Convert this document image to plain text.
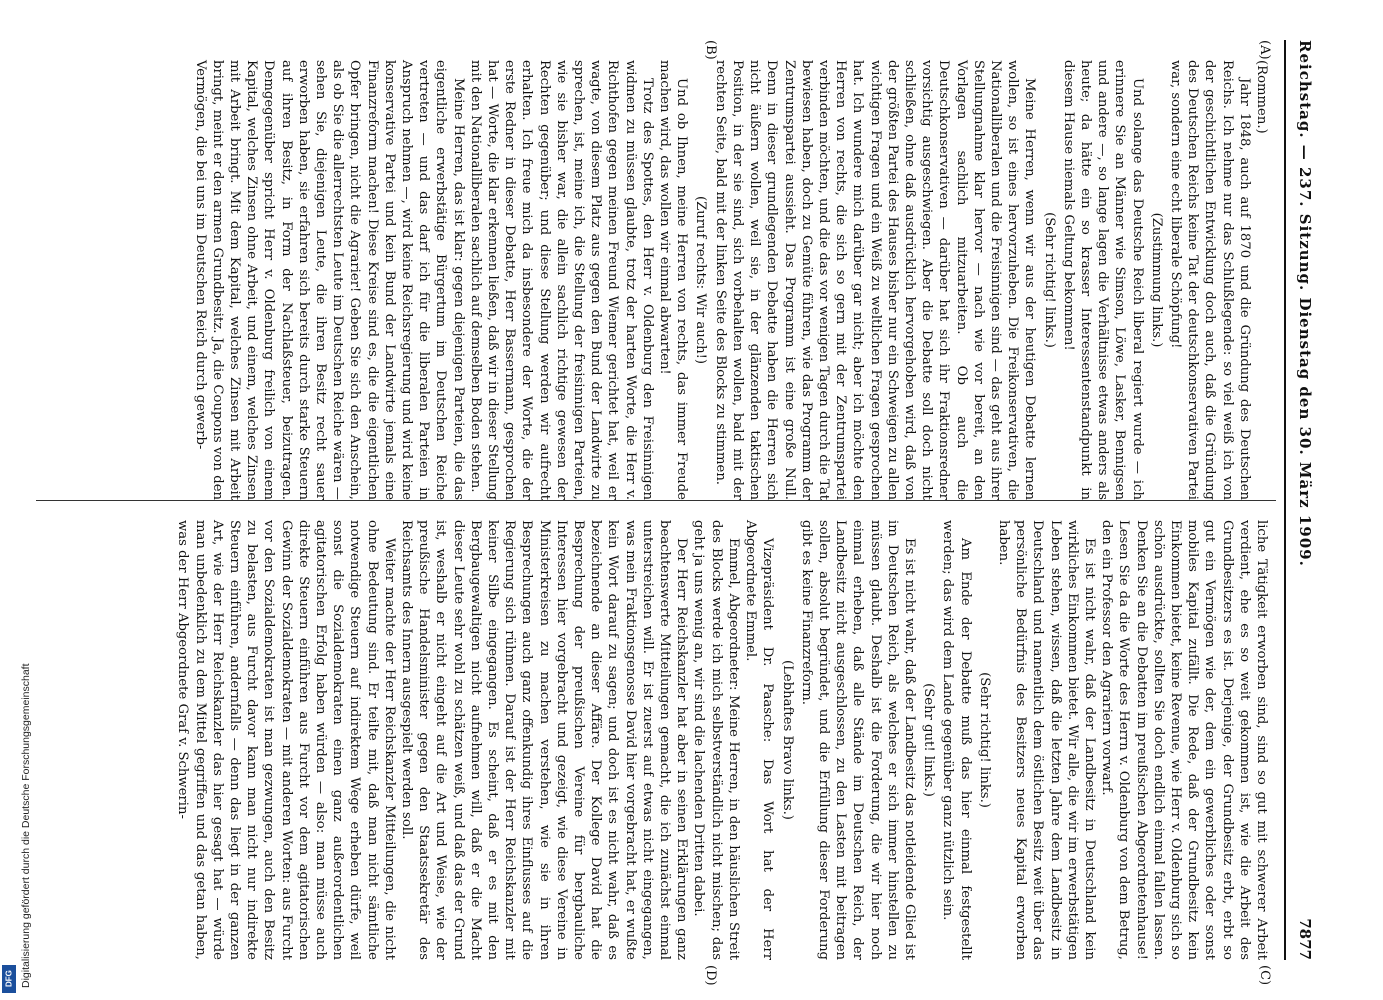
Reichstag. — 237. Sitzung. Dienstag den 30. März 1909.
7877
(A)
(B)
(C)
(D)

(Rommen.)

Jahr 1848, auch auf 1870 und die Gründung des Deutschen Reichs. Ich nehme nur das Schlußlegende: so viel weiß ich von der geschichtlichen Entwicklung doch auch, daß die Gründung des Deutschen Reichs keine Tat der deutschkonservativen Partei war, sondern eine echt liberale Schöpfung!

(Zustimmung links.)

Und solange das Deutsche Reich liberal regiert wurde — ich erinnere Sie an Männer wie Simson, Löwe, Lasker, Bennigsen und andere —, so lange lagen die Verhältnisse etwas anders als heute; da hätte ein so krasser Interessentenstandpunkt in diesem Hause niemals Geltung bekommen!

(Sehr richtig! links.)

Meine Herren, wenn wir aus der heutigen Debatte lernen wollen, so ist eines hervorzuheben. Die Freikonservativen, die Nationalliberalen und die Freisinnigen sind — das geht aus ihrer Stellungnahme klar hervor — nach wie vor bereit, an den Vorlagen sachlich mitzuarbeiten. Ob auch die Deutschkonservativen — darüber hat sich ihr Fraktionsredner vorsichtig ausgeschwiegen. Aber die Debatte soll doch nicht schließen, ohne daß ausdrücklich hervorgehoben wird, daß von der größten Partei des Hauses bisher nur ein Schweigen zu allen wichtigen Fragen und ein Weiß zu weltlichen Fragen gesprochen hat. Ich wundere mich darüber gar nicht; aber ich möchte den Herren von rechts, die sich so gern mit der Zentrumspartei verbinden möchten, und die das vor wenigen Tagen durch die Tat bewiesen haben, doch zu Gemüte führen, wie das Programm der Zentrumspartei aussieht. Das Programm ist eine große Null. Denn in dieser grundlegenden Debatte haben die Herren sich nicht äußern wollen, weil sie, in der glänzenden taktischen Position, in der sie sind, sich vorbehalten wollen, bald mit der rechten Seite, bald mit der linken Seite des Blocks zu stimmen.

(Zuruf rechts: Wir auch!)

Und ob Ihnen, meine Herren von rechts, das immer Freude machen wird, das wollen wir einmal abwarten!

Trotz des Spottes, den Herr v. Oldenburg den Freisinnigen widmen zu müssen glaubte, trotz der harten Worte, die Herr v. Richthofen gegen meinen Freund Wiemer gerichtet hat, weil er wagte, von diesem Platz aus gegen den Bund der Landwirte zu sprechen, ist, meine ich, die Stellung der freisinnigen Parteien, wie sie bisher war, die allein sachlich richtige gewesen der Rechten gegenüber; und diese Stellung werden wir aufrecht erhalten. Ich freue mich da insbesondere der Worte, die der erste Redner in dieser Debatte, Herr Bassermann, gesprochen hat — Worte, die klar erkennen ließen, daß wir in dieser Stellung mit den Nationalliberalen sachlich auf demselben Boden stehen.

Meine Herren, das ist klar: gegen diejenigen Parteien, die das eigentliche erwerbstätige Bürgertum im Deutschen Reiche vertreten — und das darf ich für die liberalen Parteien in Anspruch nehmen —, wird keine Reichsregierung und wird keine konservative Partei und kein Bund der Landwirte jemals eine Finanzreform machen! Diese Kreise sind es, die die eigentlichen Opfer bringen, nicht die Agrarier! Geben Sie sich den Anschein, als ob Sie die allerrechtsten Leute im Deutschen Reiche wären — sehen Sie, diejenigen Leute, die ihren Besitz recht sauer erworben haben, sie erfahren sich bereits durch starke Steuern auf ihren Besitz, in Form der Nachlaßsteuer, beizutragen. Demgegenüber spricht Herr v. Oldenburg freilich von einem Kapital, welches Zinsen ohne Arbeit, und einem, welches Zinsen mit Arbeit bringt. Mit dem Kapital, welches Zinsen mit Arbeit bringt, meint er den armen Grundbesitz. Ja, die Coupons von den Vermögen, die bei uns im Deutschen Reich durch gewerb-

liche Tätigkeit erworben sind, sind so gut mit schwerer Arbeit verdient, ehe es so weit gekommen ist, wie die Arbeit des Grundbesitzers es ist. Derjenige, der Grundbesitz erbt, erbt so gut ein Vermögen wie der, dem ein gewerbliches oder sonst mobiles Kapital zufällt. Die Rede, daß der Grundbesitz kein Einkommen bietet, keine Revenue, wie Herr v. Oldenburg sich so schön ausdrückte, sollten Sie doch endlich einmal fallen lassen. Denken Sie an die Debatten im preußischen Abgeordnetenhause! Lesen Sie da die Worte des Herrn v. Oldenburg von dem Betrug, den ein Professor den Agrariern vorwarf.

Es ist nicht wahr, daß der Landbesitz in Deutschland kein wirkliches Einkommen bietet. Wir alle, die wir im erwerbstätigen Leben stehen, wissen, daß die letzten Jahre dem Landbesitz in Deutschland und namentlich dem östlichen Besitz weit über das persönliche Bedürfnis des Besitzers neues Kapital erworben haben.

(Sehr richtig! links.)

Am Ende der Debatte muß das hier einmal festgestellt werden; das wird dem Lande gegenüber ganz nützlich sein.

(Sehr gut! links.)

Es ist nicht wahr, daß der Landbesitz das notleidende Glied ist im Deutschen Reich, als welches er sich immer hinstellen zu müssen glaubt. Deshalb ist die Forderung, die wir hier noch einmal erheben, daß alle Stände im Deutschen Reich, der Landbesitz nicht ausgeschlossen, zu den Lasten mit beitragen sollen, absolut begründet, und die Erfüllung dieser Forderung gibt es keine Finanzreform.

(Lebhaftes Bravo links.)

Vizepräsident Dr. Paasche: Das Wort hat der Herr Abgeordnete Emmel.

Emmel, Abgeordneter: Meine Herren, in den häuslichen Streit des Blocks werde ich mich selbstverständlich nicht mischen; das geht ja uns wenig an, wir sind die lachenden Dritten dabei.

Der Herr Reichskanzler hat aber in seinen Erklärungen ganz beachtenswerte Mitteilungen gemacht, die ich zunächst einmal unterstreichen will. Er ist zuerst auf etwas nicht eingegangen, was mein Fraktionsgenosse David hier vorgebracht hat, er wußte kein Wort darauf zu sagen; und doch ist es nicht wahr, daß es bezeichnende an dieser Affäre. Der Kollege David hat die Besprechung der preußischen Vereine für bergbauliche Interessen hier vorgebracht und gezeigt, wie diese Vereine in Ministerkreisen zu machen verstehen, wie sie in ihren Besprechungen auch ganz offenkundig ihres Einflusses auf die Regierung sich rühmen. Darauf ist der Herr Reichskanzler mit keiner Silbe eingegangen. Es scheint, daß er es mit den Bergbaugewaltigen nicht aufnehmen will, daß er die Macht dieser Leute sehr wohl zu schätzen weiß, und daß das der Grund ist, weshalb er nicht eingeht auf die Art und Weise, wie der preußische Handelsminister gegen den Staatssekretär des Reichsamts des Innern ausgespielt werden soll.

Weiter machte der Herr Reichskanzler Mitteilungen, die nicht ohne Bedeutung sind. Er teilte mit, daß man nicht sämtliche notwendige Steuern auf indirektem Wege erheben dürfe, weil sonst die Sozialdemokraten einen ganz außerordentlichen agitatorischen Erfolg haben würden — also: man müsse auch direkte Steuern einführen aus Furcht vor dem agitatorischen Gewinn der Sozialdemokraten — mit anderen Worten: aus Furcht vor den Sozialdemokraten ist man gezwungen, auch den Besitz zu belasten, aus Furcht davor kann man nicht nur indirekte Steuern einführen, andernfalls — denn das liegt in der ganzen Art, wie der Herr Reichskanzler das hier gesagt hat — würde man unbedenklich zu dem Mittel gegriffen und das getan haben, was der Herr Abgeordnete Graf v. Schwerin-

Digitalisierung gefördert durch die Deutsche Forschungsgemeinschaft
DFG
